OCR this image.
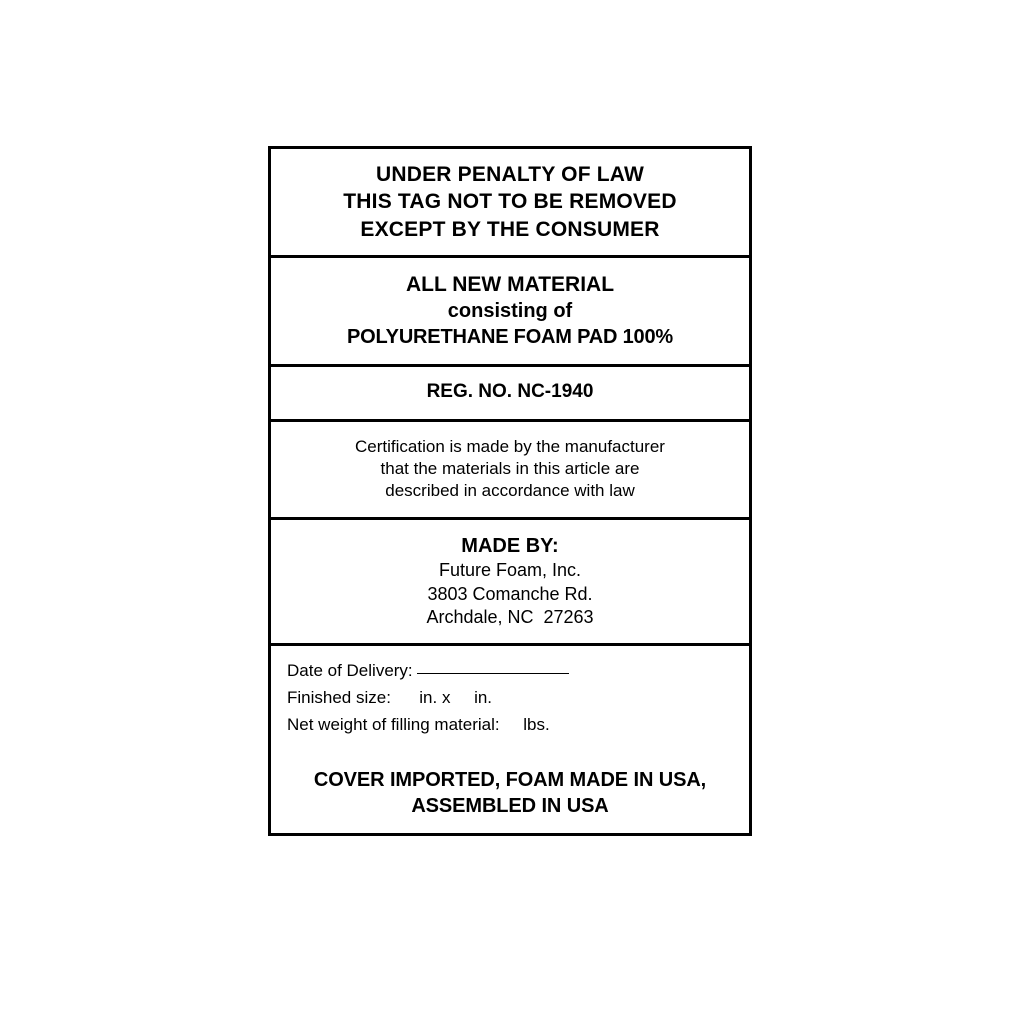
UNDER PENALTY OF LAW
THIS TAG NOT TO BE REMOVED
EXCEPT BY THE CONSUMER
ALL NEW MATERIAL
consisting of
POLYURETHANE FOAM PAD 100%
REG. NO. NC-1940
Certification is made by the manufacturer
that the materials in this article are
described in accordance with law
MADE BY:
Future Foam, Inc.
3803 Comanche Rd.
Archdale, NC  27263
Date of Delivery:
Finished size:      in. x     in.
Net weight of filling material:     lbs.
COVER IMPORTED, FOAM MADE IN USA,
ASSEMBLED IN USA
